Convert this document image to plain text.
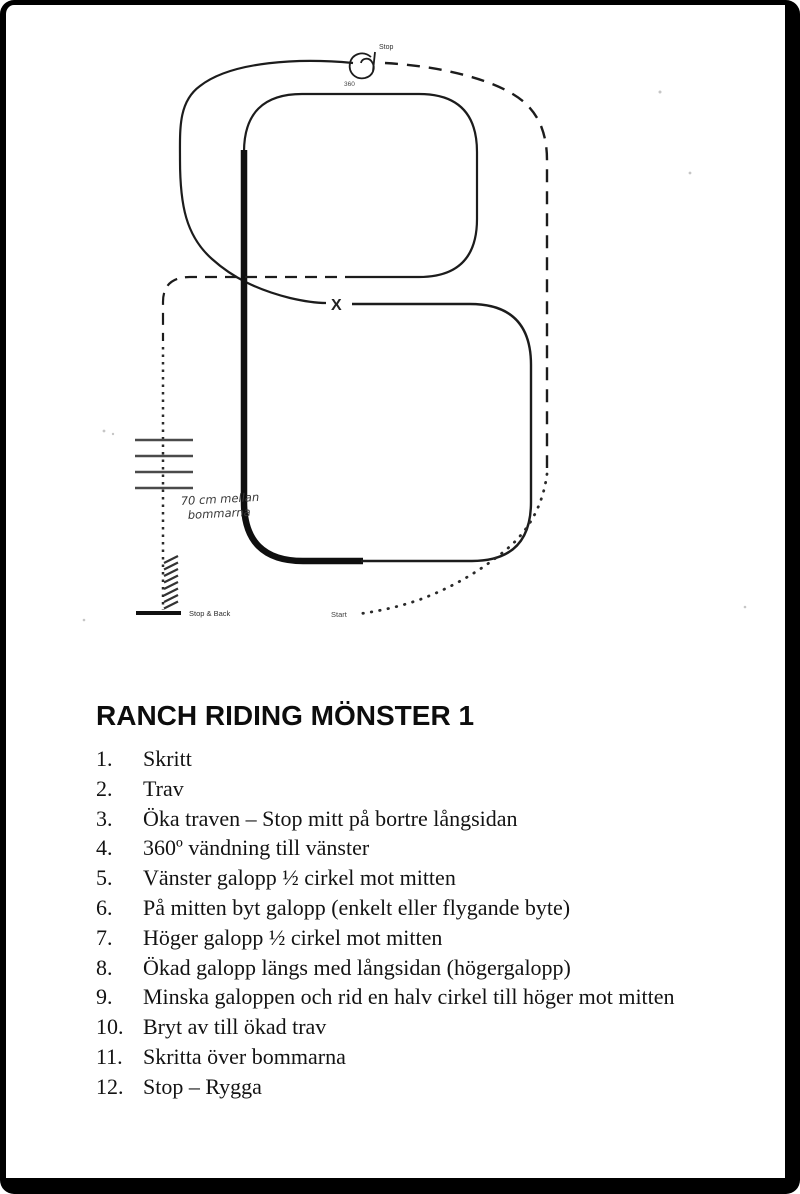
Stop
360
X
70 cm mellan
bommarna
Stop & Back	Start
RANCH RIDING MÖNSTER 1
1. Skritt
2. Trav
3. Öka traven – Stop mitt på bortre långsidan
4. 360º vändning till vänster
5. Vänster galopp ½ cirkel mot mitten
6. På mitten byt galopp (enkelt eller flygande byte)
7. Höger galopp ½ cirkel mot mitten
8. Ökad galopp längs med långsidan (högergalopp)
9. Minska galoppen och rid en halv cirkel till höger mot mitten
10. Bryt av till ökad trav
11. Skritta över bommarna
12. Stop – Rygga
